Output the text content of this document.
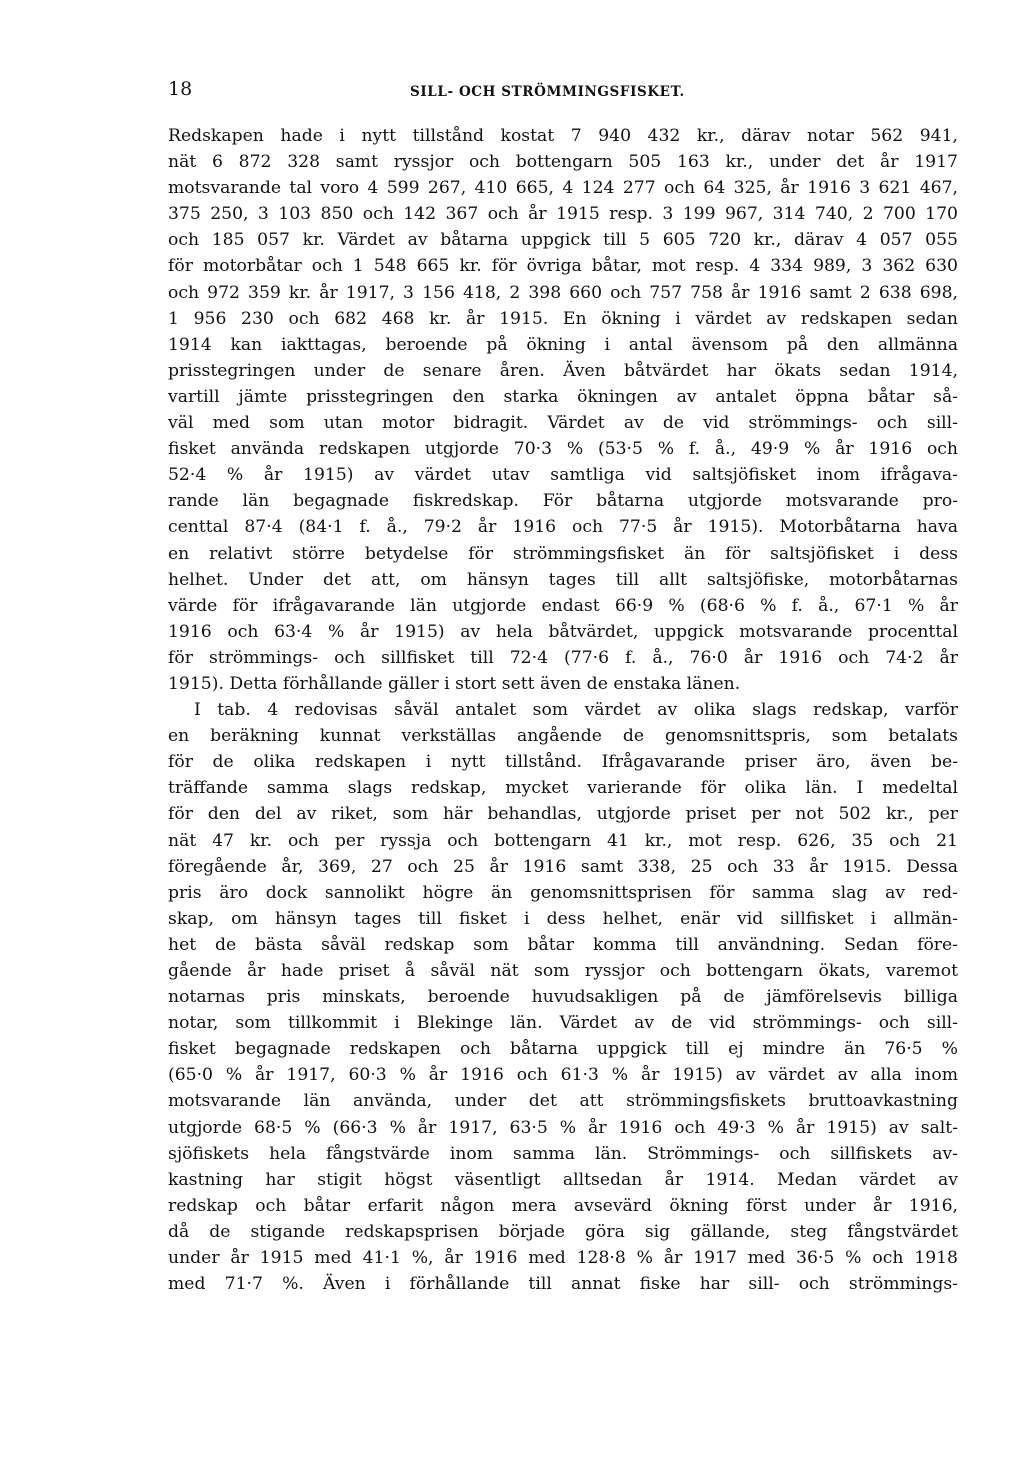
18	SILL- OCH STRÖMMINGSFISKET.

Redskapen hade i nytt tillstånd kostat 7 940 432 kr., därav notar 562 941,
nät 6 872 328 samt ryssjor och bottengarn 505 163 kr., under det år 1917
motsvarande tal voro 4 599 267, 410 665, 4 124 277 och 64 325, år 1916 3 621 467,
375 250, 3 103 850 och 142 367 och år 1915 resp. 3 199 967, 314 740, 2 700 170
och 185 057 kr. Värdet av båtarna uppgick till 5 605 720 kr., därav 4 057 055
för motorbåtar och 1 548 665 kr. för övriga båtar, mot resp. 4 334 989, 3 362 630
och 972 359 kr. år 1917, 3 156 418, 2 398 660 och 757 758 år 1916 samt 2 638 698,
1 956 230 och 682 468 kr. år 1915. En ökning i värdet av redskapen sedan
1914 kan iakttagas, beroende på ökning i antal ävensom på den allmänna
prisstegringen under de senare åren. Även båtvärdet har ökats sedan 1914,
vartill jämte prisstegringen den starka ökningen av antalet öppna båtar så-
väl med som utan motor bidragit. Värdet av de vid strömmings- och sill-
fisket använda redskapen utgjorde 70·3 % (53·5 % f. å., 49·9 % år 1916 och
52·4 % år 1915) av värdet utav samtliga vid saltsjöfisket inom ifrågava-
rande län begagnade fiskredskap. För båtarna utgjorde motsvarande pro-
centtal 87·4 (84·1 f. å., 79·2 år 1916 och 77·5 år 1915). Motorbåtarna hava
en relativt större betydelse för strömmingsfisket än för saltsjöfisket i dess
helhet. Under det att, om hänsyn tages till allt saltsjöfiske, motorbåtarnas
värde för ifrågavarande län utgjorde endast 66·9 % (68·6 % f. å., 67·1 % år
1916 och 63·4 % år 1915) av hela båtvärdet, uppgick motsvarande procenttal
för strömmings- och sillfisket till 72·4 (77·6 f. å., 76·0 år 1916 och 74·2 år
1915). Detta förhållande gäller i stort sett även de enstaka länen.

I tab. 4 redovisas såväl antalet som värdet av olika slags redskap, varför
en beräkning kunnat verkställas angående de genomsnittspris, som betalats
för de olika redskapen i nytt tillstånd. Ifrågavarande priser äro, även be-
träffande samma slags redskap, mycket varierande för olika län. I medeltal
för den del av riket, som här behandlas, utgjorde priset per not 502 kr., per
nät 47 kr. och per ryssja och bottengarn 41 kr., mot resp. 626, 35 och 21
föregående år, 369, 27 och 25 år 1916 samt 338, 25 och 33 år 1915. Dessa
pris äro dock sannolikt högre än genomsnittsprisen för samma slag av red-
skap, om hänsyn tages till fisket i dess helhet, enär vid sillfisket i allmän-
het de bästa såväl redskap som båtar komma till användning. Sedan före-
gående år hade priset å såväl nät som ryssjor och bottengarn ökats, varemot
notarnas pris minskats, beroende huvudsakligen på de jämförelsevis billiga
notar, som tillkommit i Blekinge län. Värdet av de vid strömmings- och sill-
fisket begagnade redskapen och båtarna uppgick till ej mindre än 76·5 %
(65·0 % år 1917, 60·3 % år 1916 och 61·3 % år 1915) av värdet av alla inom
motsvarande län använda, under det att strömmingsfiskets bruttoavkastning
utgjorde 68·5 % (66·3 % år 1917, 63·5 % år 1916 och 49·3 % år 1915) av salt-
sjöfiskets hela fångstvärde inom samma län. Strömmings- och sillfiskets av-
kastning har stigit högst väsentligt alltsedan år 1914. Medan värdet av
redskap och båtar erfarit någon mera avsevärd ökning först under år 1916,
då de stigande redskapsprisen började göra sig gällande, steg fångstvärdet
under år 1915 med 41·1 %, år 1916 med 128·8 % år 1917 med 36·5 % och 1918
med 71·7 %. Även i förhållande till annat fiske har sill- och strömmings-
